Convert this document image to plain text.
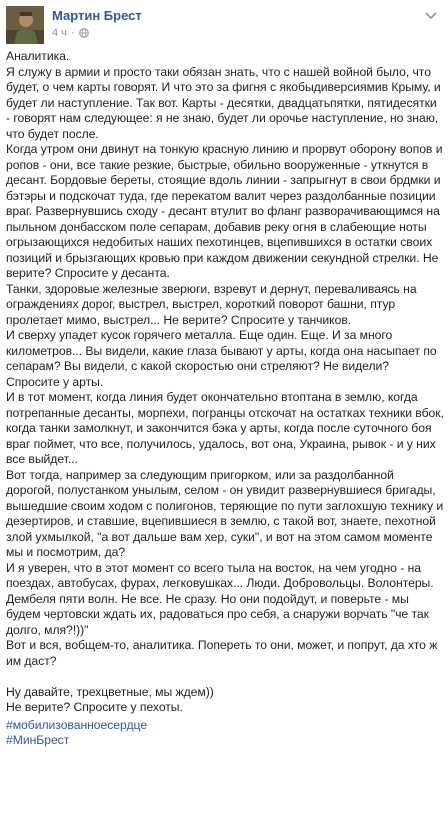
Мартин Брест
4 ч ·

Аналитика.

Я служу в армии и просто таки обязан знать, что с нашей войной было, что будет, о чем карты говорят. И что это за фигня с якобыдиверсиямив Крыму, и будет ли наступление. Так вот. Карты - десятки, двадцатьпятки, пятидесятки - говорят нам следующее: я не знаю, будет ли орочье наступление, но знаю, что будет после.

Когда утром они двинут на тонкую красную линию и прорвут оборону вопов и ропов - они, все такие резкие, быстрые, обильно вооруженные - уткнутся в десант. Бордовые береты, стоящие вдоль линии - запрыгнут в свои брдмки и бэтэры и подскочат туда, где перекатом валит через раздолбанные позиции враг. Развернувшись сходу - десант втулит во фланг разворачивающимся на пыльном донбасском поле сепарам, добавив реку огня в слабеющие ноты огрызающихся недобитых наших пехотинцев, вцепившихся в остатки своих позиций и брызгающих кровью при каждом движении секундной стрелки. Не верите? Спросите у десанта.

Танки, здоровые железные зверюги, взревут и дернут, переваливаясь на ограждениях дорог, выстрел, выстрел, короткий поворот башни, птур пролетает мимо, выстрел... Не верите? Спросите у танчиков.

И сверху упадет кусок горячего металла. Еще один. Еще. И за много километров... Вы видели, какие глаза бывают у арты, когда она насыпает по сепарам? Вы видели, с какой скоростью они стреляют? Не видели? Спросите у арты.

И в тот момент, когда линия будет окончательно втоптана в землю, когда потрепанные десанты, морпехи, погранцы отскочат на остатках техники вбок, когда танки замолкнут, и закончится бэка у арты, когда после суточного боя враг поймет, что все, получилось, удалось, вот она, Украина, рывок - и у них все выйдет...

Вот тогда, например за следующим пригорком, или за раздолбанной дорогой, полустанком унылым, селом - он увидит развернувшиеся бригады, вышедшие своим ходом с полигонов, теряющие по пути заглохшую технику и дезертиров, и ставшие, вцепившиеся в землю, с такой вот, знаете, пехотной злой ухмылкой, "а вот дальше вам хер, суки", и вот на этом самом моменте мы и посмотрим, да?

И я уверен, что в этот момент со всего тыла на восток, на чем угодно - на поездах, автобусах, фурах, легковушках... Люди. Добровольцы. Волонтеры. Дембеля пяти волн. Не все. Не сразу. Но они подойдут, и поверьте - мы будем чертовски ждать их, радоваться про себя, а снаружи ворчать "че так долго, мля?!))"

Вот и вся, вобщем-то, аналитика. Попереть то они, может, и попрут, да хто ж им даст?

Ну давайте, трехцветные, мы ждем))

Не верите? Спросите у пехоты.

#мобилизованноесердце
#МинБрест
